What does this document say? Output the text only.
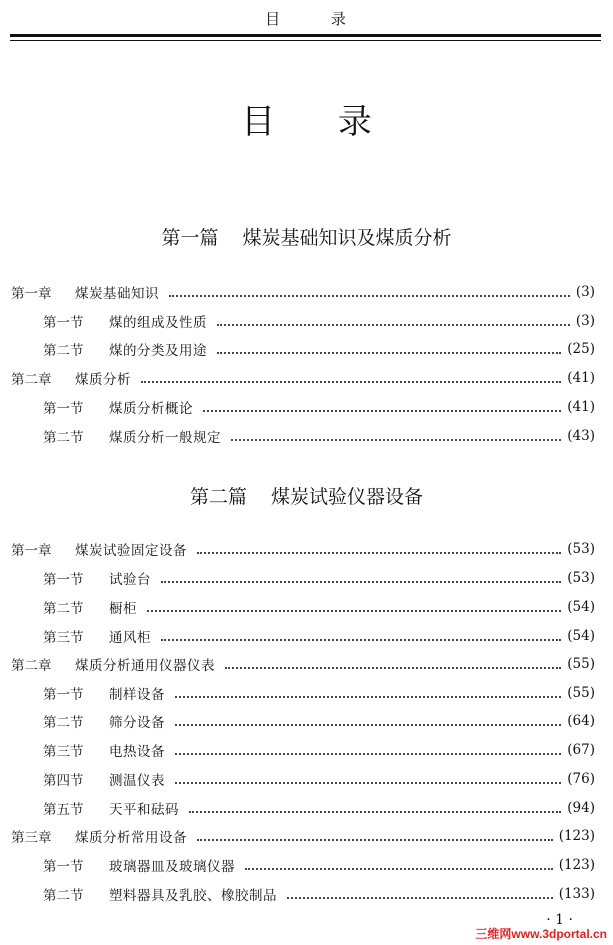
目 录
目 录
第一篇 煤炭基础知识及煤质分析
第一章	煤炭基础知识	(3)
第一节	煤的组成及性质	(3)
第二节	煤的分类及用途	(25)
第二章	煤质分析	(41)
第一节	煤质分析概论	(41)
第二节	煤质分析一般规定	(43)
第二篇 煤炭试验仪器设备
第一章	煤炭试验固定设备	(53)
第一节	试验台	(53)
第二节	橱柜	(54)
第三节	通风柜	(54)
第二章	煤质分析通用仪器仪表	(55)
第一节	制样设备	(55)
第二节	筛分设备	(64)
第三节	电热设备	(67)
第四节	测温仪表	(76)
第五节	天平和砝码	(94)
第三章	煤质分析常用设备	(123)
第一节	玻璃器皿及玻璃仪器	(123)
第二节	塑料器具及乳胶、橡胶制品	(133)
· 1 ·
三维网www.3dportal.cn
